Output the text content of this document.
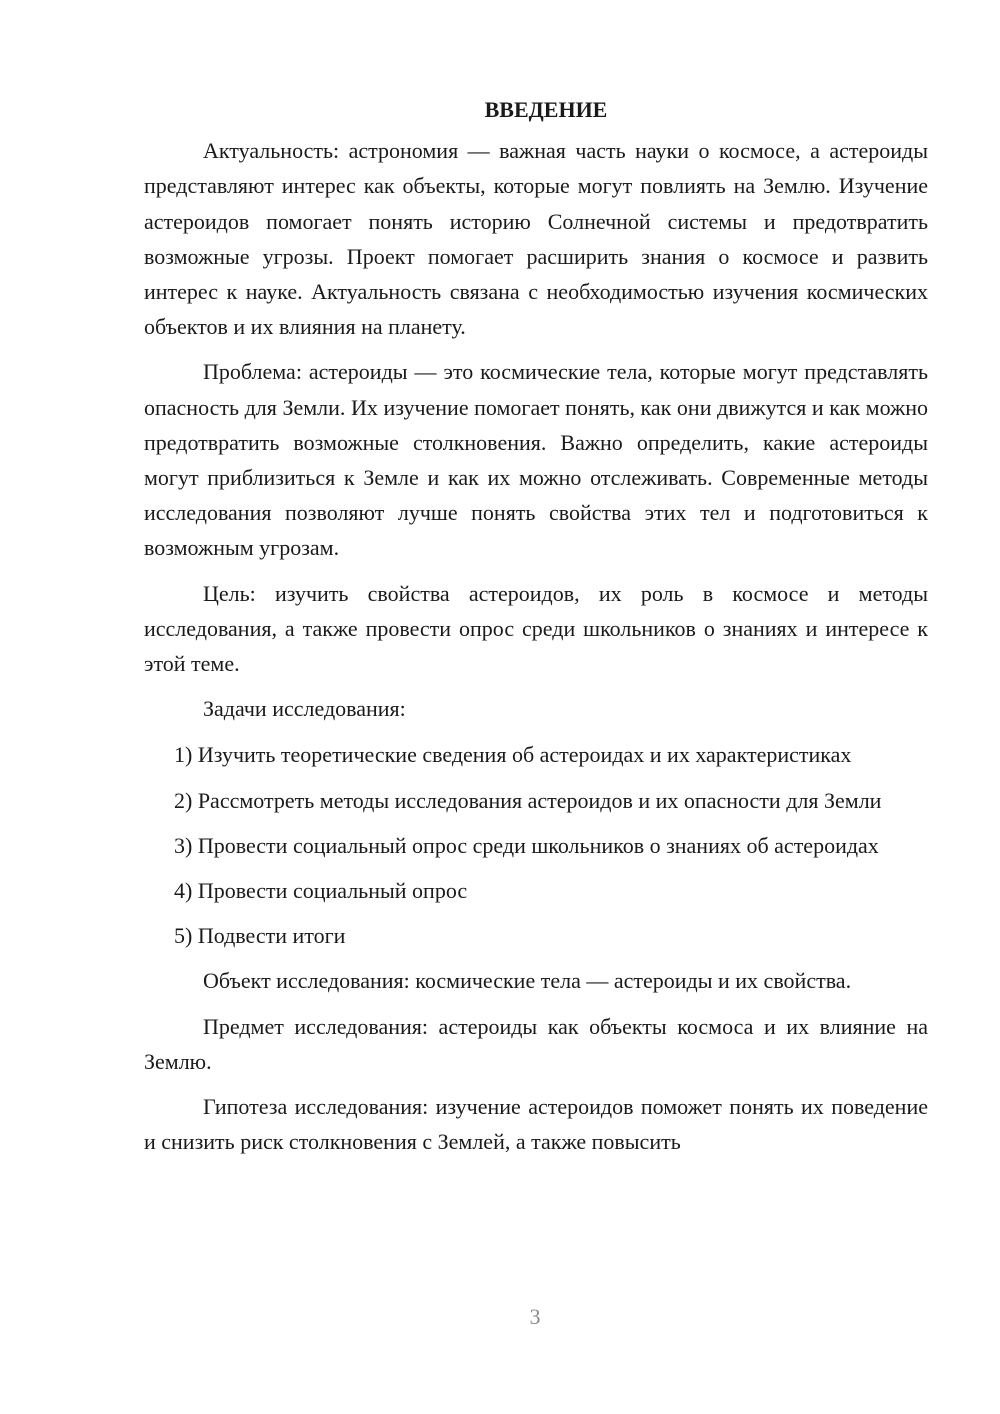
ВВЕДЕНИЕ

Актуальность: астрономия — важная часть науки о космосе, а астероиды представляют интерес как объекты, которые могут повлиять на Землю. Изучение астероидов помогает понять историю Солнечной системы и предотвратить возможные угрозы. Проект помогает расширить знания о космосе и развить интерес к науке. Актуальность связана с необходимостью изучения космических объектов и их влияния на планету.

Проблема: астероиды — это космические тела, которые могут представлять опасность для Земли. Их изучение помогает понять, как они движутся и как можно предотвратить возможные столкновения. Важно определить, какие астероиды могут приблизиться к Земле и как их можно отслеживать. Современные методы исследования позволяют лучше понять свойства этих тел и подготовиться к возможным угрозам.

Цель: изучить свойства астероидов, их роль в космосе и методы исследования, а также провести опрос среди школьников о знаниях и интересе к этой теме.

Задачи исследования:

1) Изучить теоретические сведения об астероидах и их характеристиках

2) Рассмотреть методы исследования астероидов и их опасности для Земли

3) Провести социальный опрос среди школьников о знаниях об астероидах

4) Провести социальный опрос

5) Подвести итоги

Объект исследования: космические тела — астероиды и их свойства.

Предмет исследования: астероиды как объекты космоса и их влияние на Землю.

Гипотеза исследования: изучение астероидов поможет понять их поведение и снизить риск столкновения с Землей, а также повысить

3
